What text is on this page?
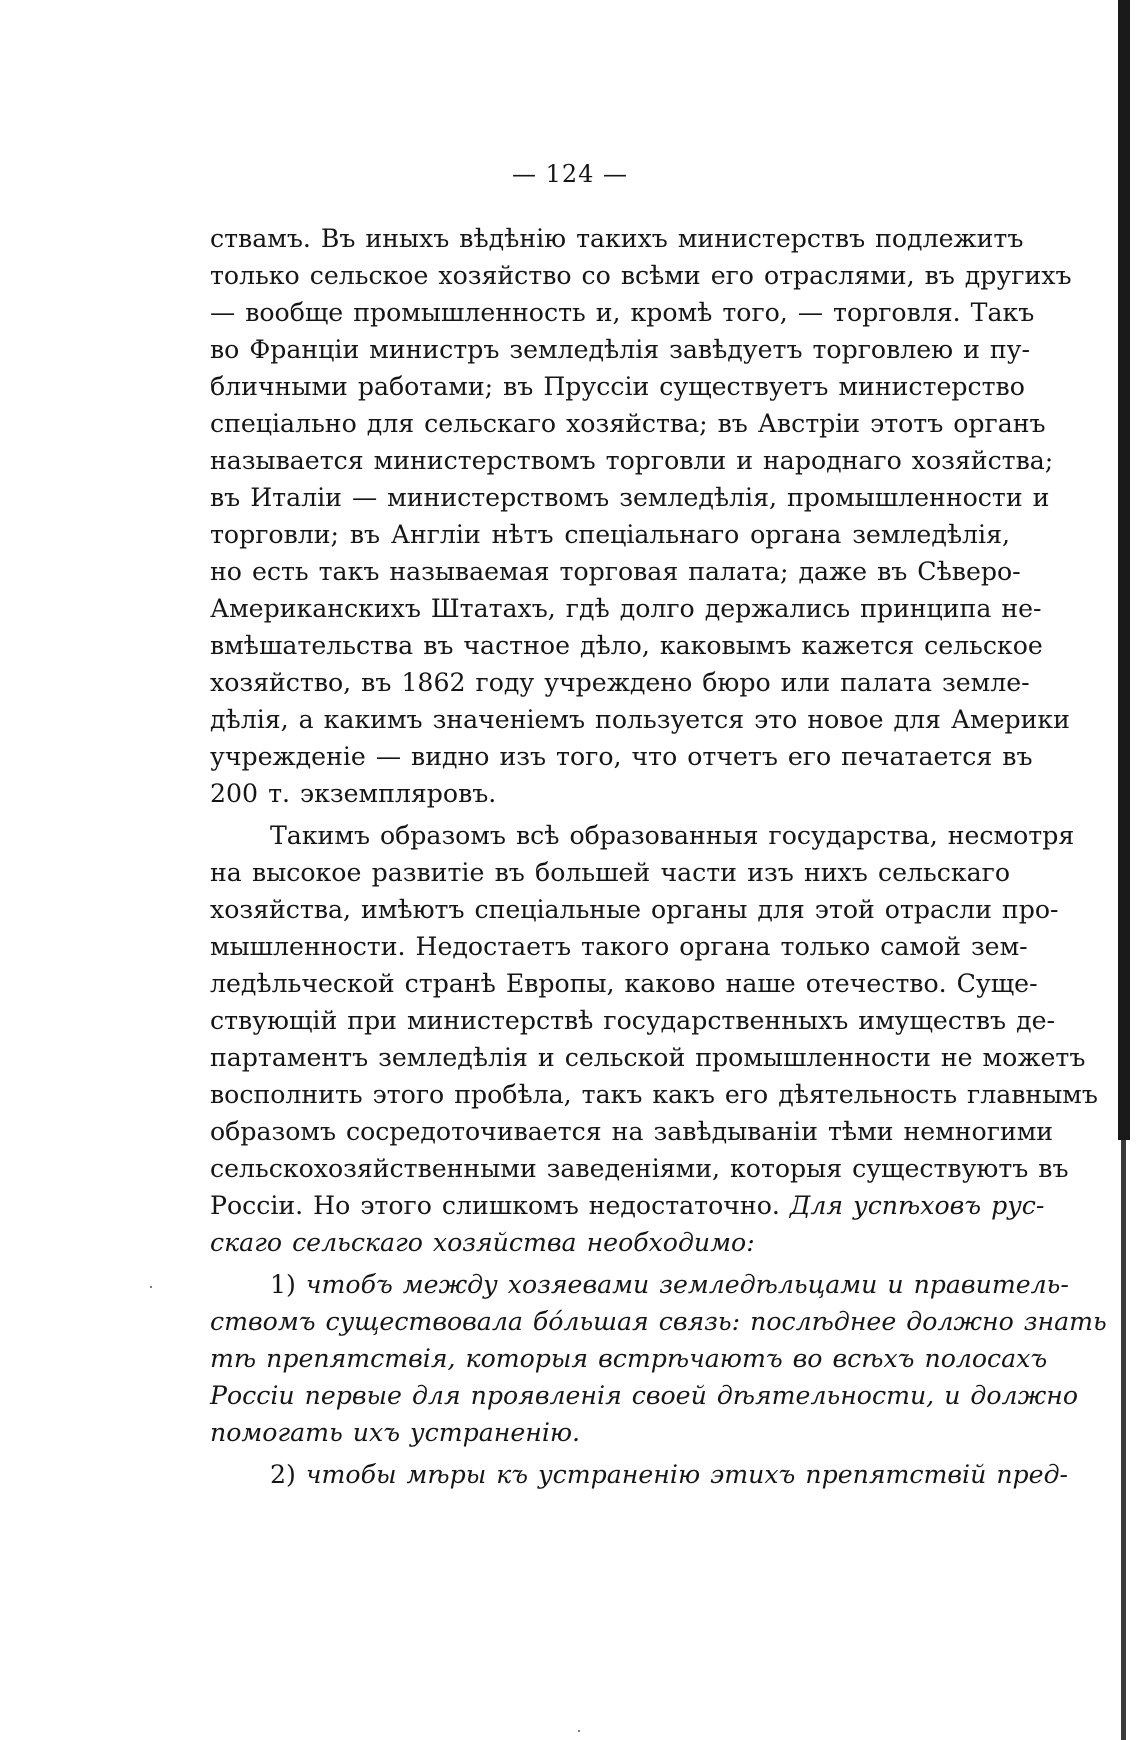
— 124 —
ствамъ. Въ иныхъ вѣдѣнію такихъ министерствъ подлежитъ
только сельское хозяйство со всѣми его отраслями, въ другихъ
— вообще промышленность и, кромѣ того, — торговля. Такъ
во Франціи министръ земледѣлія завѣдуетъ торговлею и пу-
бличными работами; въ Пруссіи существуетъ министерство
спеціально для сельскаго хозяйства; въ Австріи этотъ органъ
называется министерствомъ торговли и народнаго хозяйства;
въ Италіи — министерствомъ земледѣлія, промышленности и
торговли; въ Англіи нѣтъ спеціальнаго органа земледѣлія,
но есть такъ называемая торговая палата; даже въ Сѣверо-
Американскихъ Штатахъ, гдѣ долго держались принципа не-
вмѣшательства въ частное дѣло, каковымъ кажется сельское
хозяйство, въ 1862 году учреждено бюро или палата земле-
дѣлія, а какимъ значеніемъ пользуется это новое для Америки
учрежденіе — видно изъ того, что отчетъ его печатается въ
200 т. экземпляровъ.
Такимъ образомъ всѣ образованныя государства, несмотря
на высокое развитіе въ большей части изъ нихъ сельскаго
хозяйства, имѣютъ спеціальные органы для этой отрасли про-
мышленности. Недостаетъ такого органа только самой зем-
ледѣльческой странѣ Европы, каково наше отечество. Суще-
ствующій при министерствѣ государственныхъ имуществъ де-
партаментъ земледѣлія и сельской промышленности не можетъ
восполнить этого пробѣла, такъ какъ его дѣятельность главнымъ
образомъ сосредоточивается на завѣдываніи тѣми немногими
сельскохозяйственными заведеніями, которыя существуютъ въ
Россіи. Но этого слишкомъ недостаточно. Для успѣховъ рус-
скаго сельскаго хозяйства необходимо:
1) чтобъ между хозяевами земледѣльцами и правитель-
ствомъ существовала бо́льшая связь: послѣднее должно знать
тѣ препятствія, которыя встрѣчаютъ во всѣхъ полосахъ
Россіи первые для проявленія своей дѣятельности, и должно
помогать ихъ устраненію.
2) чтобы мѣры къ устраненію этихъ препятствій пред-
